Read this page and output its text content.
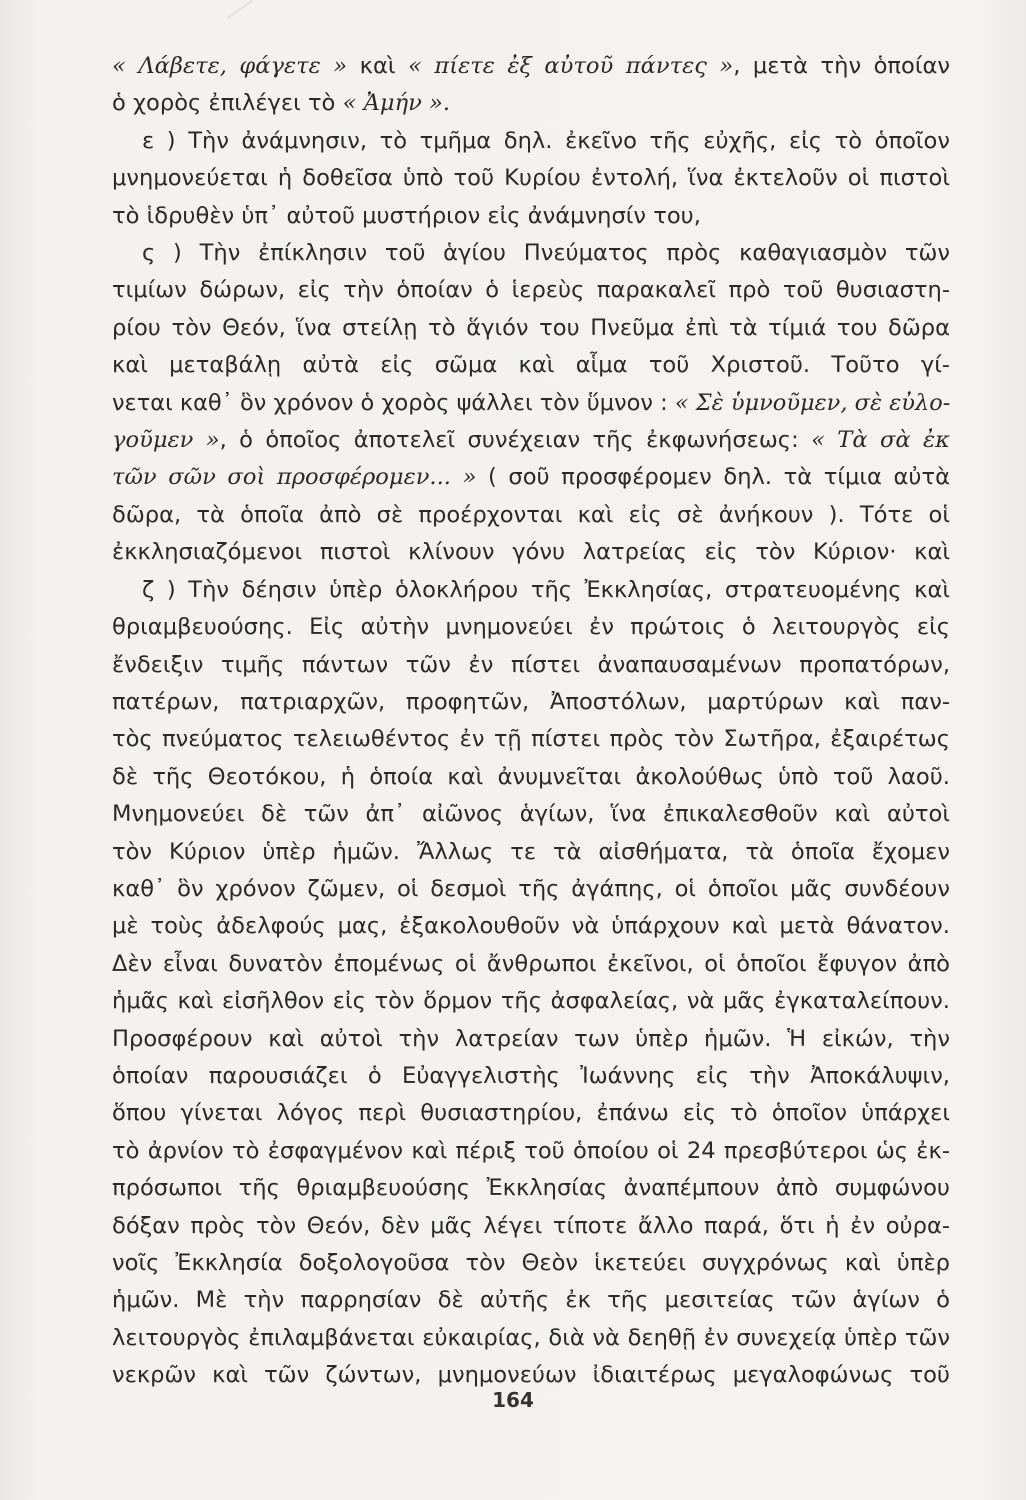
« Λάβετε, φάγετε » καὶ « πίετε ἐξ αὐτοῦ πάντες », μετὰ τὴν ὁποίαν
ὁ χορὸς ἐπιλέγει τὸ « Ἀμήν ».
ε ) Τὴν ἀνάμνησιν, τὸ τμῆμα δηλ. ἐκεῖνο τῆς εὐχῆς, εἰς τὸ ὁποῖον
μνημονεύεται ἡ δοθεῖσα ὑπὸ τοῦ Κυρίου ἐντολή, ἵνα ἐκτελοῦν οἱ πιστοὶ
τὸ ἱδρυθὲν ὑπ᾽ αὐτοῦ μυστήριον εἰς ἀνάμνησίν του,
ς ) Τὴν ἐπίκλησιν τοῦ ἁγίου Πνεύματος πρὸς καθαγιασμὸν τῶν
τιμίων δώρων, εἰς τὴν ὁποίαν ὁ ἱερεὺς παρακαλεῖ πρὸ τοῦ θυσιαστη-
ρίου τὸν Θεόν, ἵνα στείλῃ τὸ ἅγιόν του Πνεῦμα ἐπὶ τὰ τίμιά του δῶρα
καὶ μεταβάλῃ αὐτὰ εἰς σῶμα καὶ αἷμα τοῦ Χριστοῦ. Τοῦτο γί-
νεται καθ᾽ ὃν χρόνον ὁ χορὸς ψάλλει τὸν ὕμνον : « Σὲ ὑμνοῦμεν, σὲ εὐλο-
γοῦμεν », ὁ ὁποῖος ἀποτελεῖ συνέχειαν τῆς ἐκφωνήσεως: « Τὰ σὰ ἐκ
τῶν σῶν σοὶ προσφέρομεν... » ( σοῦ προσφέρομεν δηλ. τὰ τίμια αὐτὰ
δῶρα, τὰ ὁποῖα ἀπὸ σὲ προέρχονται καὶ εἰς σὲ ἀνήκουν ). Τότε οἱ
ἐκκλησιαζόμενοι πιστοὶ κλίνουν γόνυ λατρείας εἰς τὸν Κύριον· καὶ
ζ ) Τὴν δέησιν ὑπὲρ ὁλοκλήρου τῆς Ἐκκλησίας, στρατευομένης καὶ
θριαμβευούσης. Εἰς αὐτὴν μνημονεύει ἐν πρώτοις ὁ λειτουργὸς εἰς
ἔνδειξιν τιμῆς πάντων τῶν ἐν πίστει ἀναπαυσαμένων προπατόρων,
πατέρων, πατριαρχῶν, προφητῶν, Ἀποστόλων, μαρτύρων καὶ παν-
τὸς πνεύματος τελειωθέντος ἐν τῇ πίστει πρὸς τὸν Σωτῆρα, ἐξαιρέτως
δὲ τῆς Θεοτόκου, ἡ ὁποία καὶ ἀνυμνεῖται ἀκολούθως ὑπὸ τοῦ λαοῦ.
Μνημονεύει δὲ τῶν ἀπ᾽ αἰῶνος ἁγίων, ἵνα ἐπικαλεσθοῦν καὶ αὐτοὶ
τὸν Κύριον ὑπὲρ ἡμῶν. Ἄλλως τε τὰ αἰσθήματα, τὰ ὁποῖα ἔχομεν
καθ᾽ ὃν χρόνον ζῶμεν, οἱ δεσμοὶ τῆς ἀγάπης, οἱ ὁποῖοι μᾶς συνδέουν
μὲ τοὺς ἀδελφούς μας, ἐξακολουθοῦν νὰ ὑπάρχουν καὶ μετὰ θάνατον.
Δὲν εἶναι δυνατὸν ἐπομένως οἱ ἄνθρωποι ἐκεῖνοι, οἱ ὁποῖοι ἔφυγον ἀπὸ
ἡμᾶς καὶ εἰσῆλθον εἰς τὸν ὅρμον τῆς ἀσφαλείας, νὰ μᾶς ἐγκαταλείπουν.
Προσφέρουν καὶ αὐτοὶ τὴν λατρείαν των ὑπὲρ ἡμῶν. Ἡ εἰκών, τὴν
ὁποίαν παρουσιάζει ὁ Εὐαγγελιστὴς Ἰωάννης εἰς τὴν Ἀποκάλυψιν,
ὅπου γίνεται λόγος περὶ θυσιαστηρίου, ἐπάνω εἰς τὸ ὁποῖον ὑπάρχει
τὸ ἀρνίον τὸ ἐσφαγμένον καὶ πέριξ τοῦ ὁποίου οἱ 24 πρεσβύτεροι ὡς ἐκ-
πρόσωποι τῆς θριαμβευούσης Ἐκκλησίας ἀναπέμπουν ἀπὸ συμφώνου
δόξαν πρὸς τὸν Θεόν, δὲν μᾶς λέγει τίποτε ἄλλο παρά, ὅτι ἡ ἐν οὐρα-
νοῖς Ἐκκλησία δοξολογοῦσα τὸν Θεὸν ἱκετεύει συγχρόνως καὶ ὑπὲρ
ἡμῶν. Μὲ τὴν παρρησίαν δὲ αὐτῆς ἐκ τῆς μεσιτείας τῶν ἁγίων ὁ
λειτουργὸς ἐπιλαμβάνεται εὐκαιρίας, διὰ νὰ δεηθῇ ἐν συνεχείᾳ ὑπὲρ τῶν
νεκρῶν καὶ τῶν ζώντων, μνημονεύων ἰδιαιτέρως μεγαλοφώνως τοῦ
164
